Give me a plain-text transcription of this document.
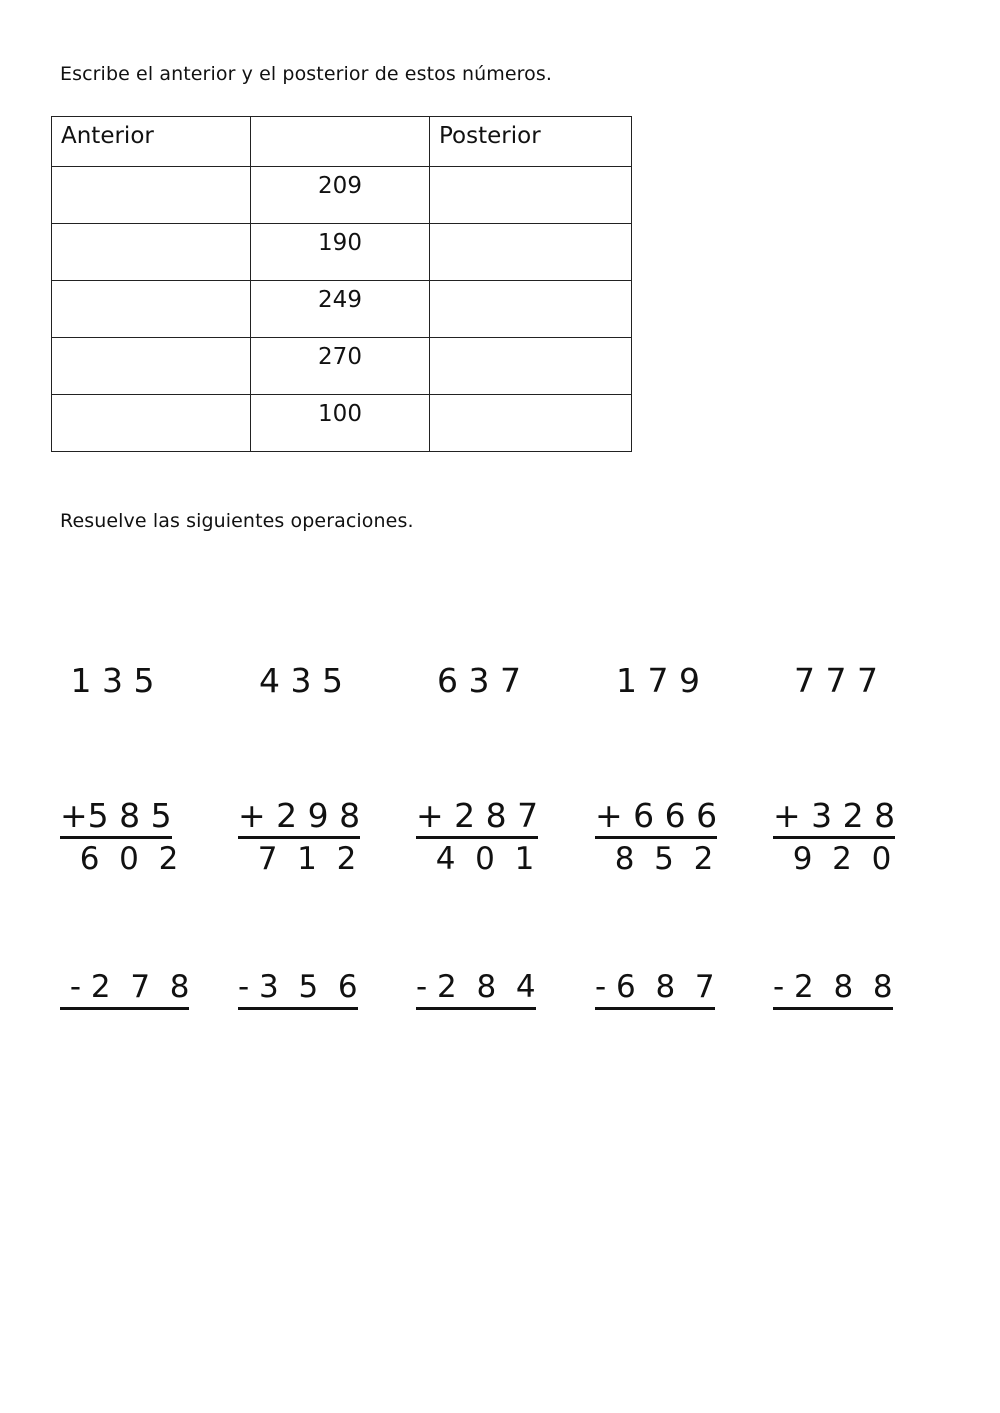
Escribe el anterior y el posterior de estos números.
Anterior		Posterior

	209	

	190	

	249	

	270	

	100	

Resuelve las siguientes operaciones.

1 3 5

+5 8 5

4 3 5

+ 2 9 8

6 3 7

+ 2 8 7

1 7 9

+ 6 6 6

7 7 7

+ 3 2 8

6  0  2

- 2  7  8

7  1  2

- 3  5  6

4  0  1

- 2  8  4

8  5  2

- 6  8  7

9  2  0

- 2  8  8
